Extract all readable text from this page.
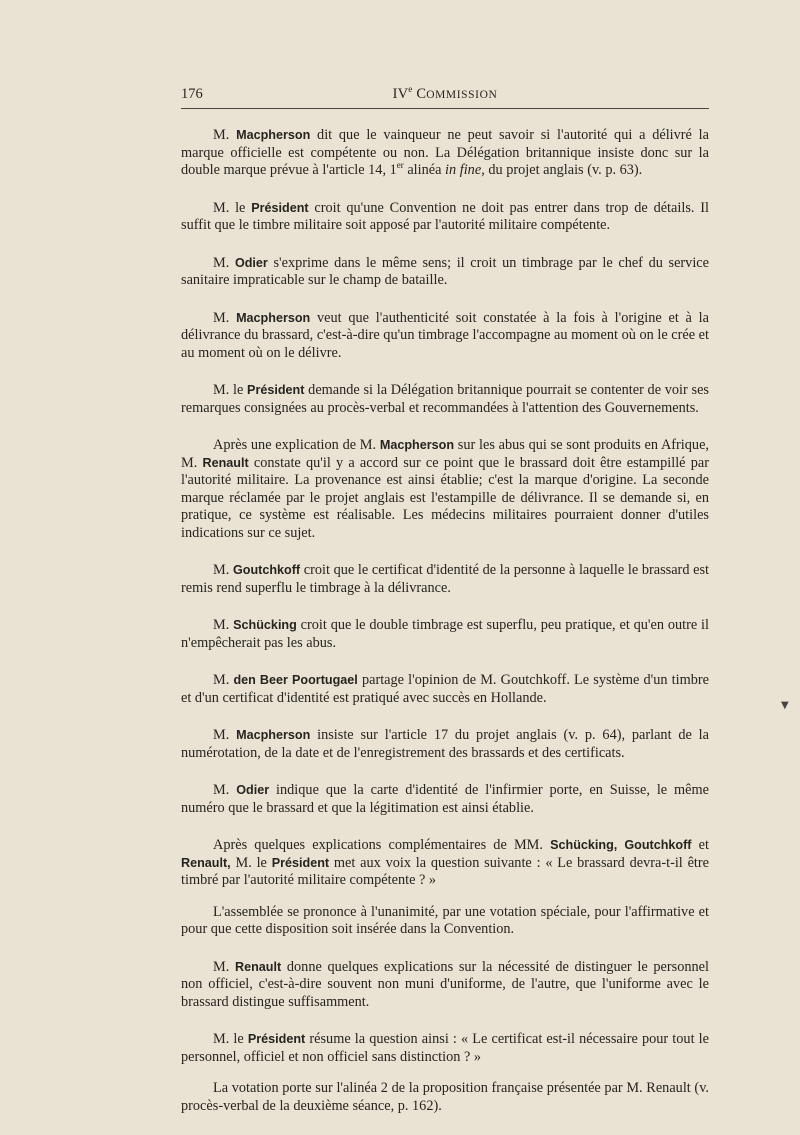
176	IVe COMMISSION

M. Macpherson dit que le vainqueur ne peut savoir si l'autorité qui a délivré la marque officielle est compétente ou non. La Délégation britannique insiste donc sur la double marque prévue à l'article 14, 1er alinéa in fine, du projet anglais (v. p. 63).

M. le Président croit qu'une Convention ne doit pas entrer dans trop de détails. Il suffit que le timbre militaire soit apposé par l'autorité militaire compétente.

M. Odier s'exprime dans le même sens; il croit un timbrage par le chef du service sanitaire impraticable sur le champ de bataille.

M. Macpherson veut que l'authenticité soit constatée à la fois à l'origine et à la délivrance du brassard, c'est-à-dire qu'un timbrage l'accompagne au moment où on le crée et au moment où on le délivre.

M. le Président demande si la Délégation britannique pourrait se contenter de voir ses remarques consignées au procès-verbal et recommandées à l'attention des Gouvernements.

Après une explication de M. Macpherson sur les abus qui se sont produits en Afrique, M. Renault constate qu'il y a accord sur ce point que le brassard doit être estampillé par l'autorité militaire. La provenance est ainsi établie; c'est la marque d'origine. La seconde marque réclamée par le projet anglais est l'estampille de délivrance. Il se demande si, en pratique, ce système est réalisable. Les médecins militaires pourraient donner d'utiles indications sur ce sujet.

M. Goutchkoff croit que le certificat d'identité de la personne à laquelle le brassard est remis rend superflu le timbrage à la délivrance.

M. Schücking croit que le double timbrage est superflu, peu pratique, et qu'en outre il n'empêcherait pas les abus.

M. den Beer Poortugael partage l'opinion de M. Goutchkoff. Le système d'un timbre et d'un certificat d'identité est pratiqué avec succès en Hollande.

M. Macpherson insiste sur l'article 17 du projet anglais (v. p. 64), parlant de la numérotation, de la date et de l'enregistrement des brassards et des certificats.

M. Odier indique que la carte d'identité de l'infirmier porte, en Suisse, le même numéro que le brassard et que la légitimation est ainsi établie.

Après quelques explications complémentaires de MM. Schücking, Goutchkoff et Renault, M. le Président met aux voix la question suivante : « Le brassard devra-t-il être timbré par l'autorité militaire compétente ? »

L'assemblée se prononce à l'unanimité, par une votation spéciale, pour l'affirmative et pour que cette disposition soit insérée dans la Convention.

M. Renault donne quelques explications sur la nécessité de distinguer le personnel non officiel, c'est-à-dire souvent non muni d'uniforme, de l'autre, que l'uniforme avec le brassard distingue suffisamment.

M. le Président résume la question ainsi : « Le certificat est-il nécessaire pour tout le personnel, officiel et non officiel sans distinction ? »

La votation porte sur l'alinéa 2 de la proposition française présentée par M. Renault (v. procès-verbal de la deuxième séance, p. 162).

▼
